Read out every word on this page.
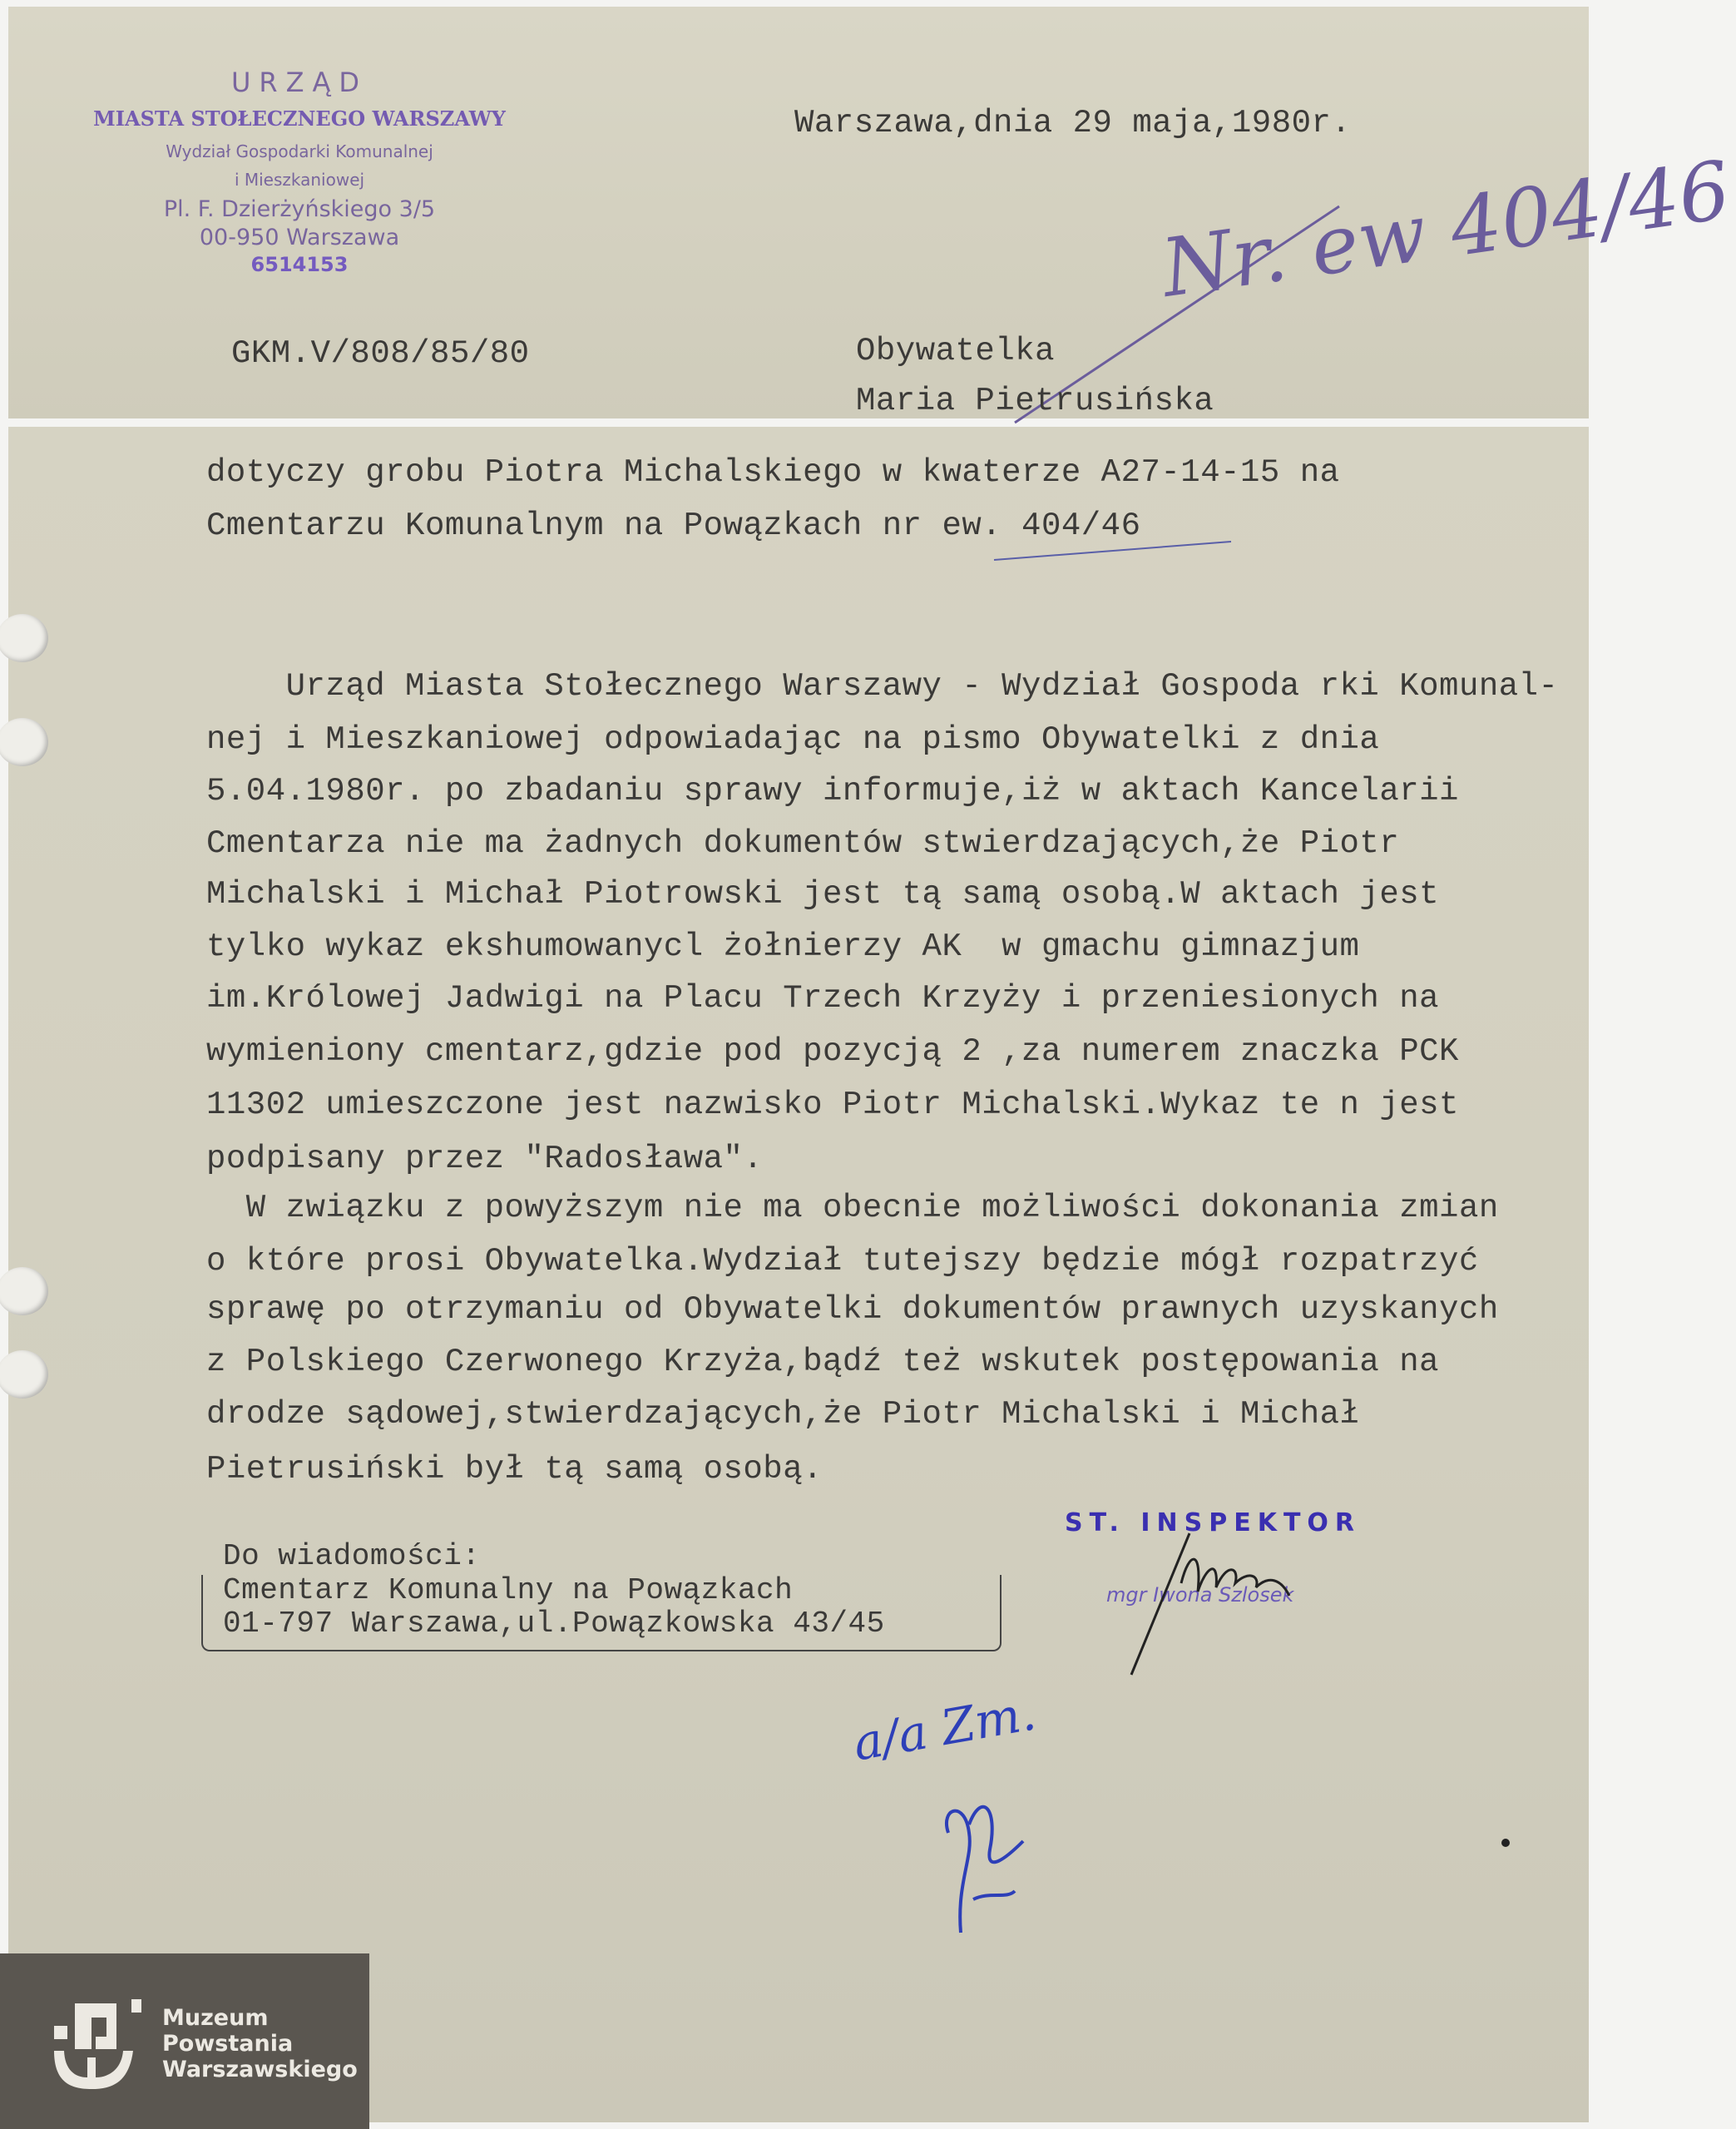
URZĄD
MIASTA STOŁECZNEGO WARSZAWY
Wydział Gospodarki Komunalnej
i Mieszkaniowej
Pl. F. Dzierżyńskiego 3/5
00-950 Warszawa
6514153
Warszawa,dnia 29 maja,1980r.
Nr. ew 404/46
GKM.V/808/85/80	Obywatelka
Maria Pietrusińska
dotyczy grobu Piotra Michalskiego w kwaterze A27-14-15 na
Cmentarzu Komunalnym na Powązkach nr ew. 404/46
Urząd Miasta Stołecznego Warszawy - Wydział Gospoda rki Komunal-
nej i Mieszkaniowej odpowiadając na pismo Obywatelki z dnia
5.04.1980r. po zbadaniu sprawy informuje,iż w aktach Kancelarii
Cmentarza nie ma żadnych dokumentów stwierdzających,że Piotr
Michalski i Michał Piotrowski jest tą samą osobą.W aktach jest
tylko wykaz ekshumowanycl żołnierzy AK  w gmachu gimnazjum
im.Królowej Jadwigi na Placu Trzech Krzyży i przeniesionych na
wymieniony cmentarz,gdzie pod pozycją 2 ,za numerem znaczka PCK
11302 umieszczone jest nazwisko Piotr Michalski.Wykaz te n jest
podpisany przez "Radosława".
W związku z powyższym nie ma obecnie możliwości dokonania zmian
o które prosi Obywatelka.Wydział tutejszy będzie mógł rozpatrzyć
sprawę po otrzymaniu od Obywatelki dokumentów prawnych uzyskanych
z Polskiego Czerwonego Krzyża,bądź też wskutek postępowania na
drodze sądowej,stwierdzających,że Piotr Michalski i Michał
Pietrusiński był tą samą osobą.
Do wiadomości:
Cmentarz Komunalny na Powązkach
01-797 Warszawa,ul.Powązkowska 43/45
ST. INSPEKTOR
mgr Iwona Szlosek
a/a Zm.
Muzeum
Powstania
Warszawskiego
